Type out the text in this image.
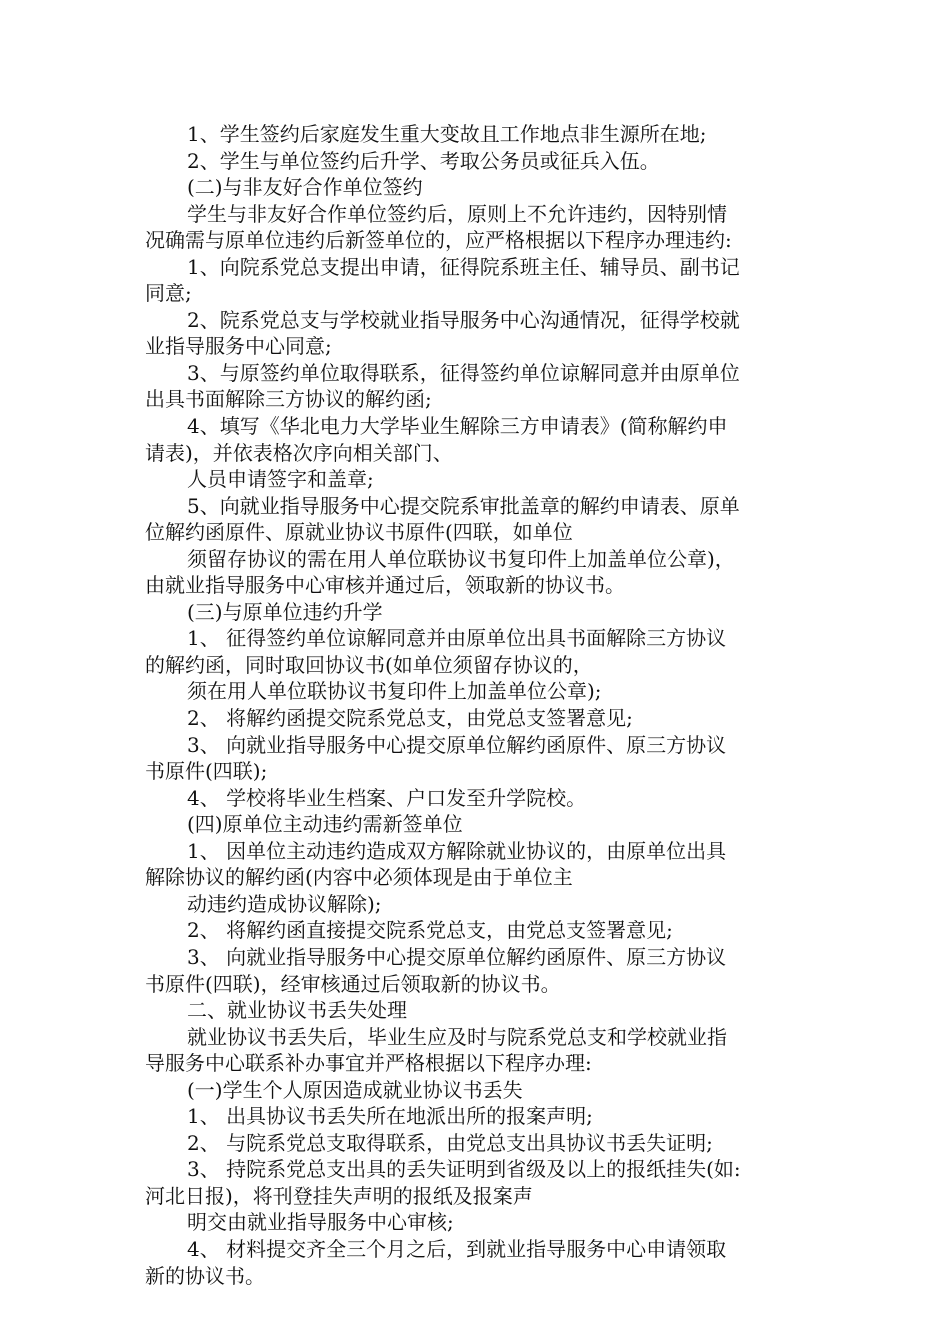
1、学生签约后家庭发生重大变故且工作地点非生源所在地;
2、学生与单位签约后升学、考取公务员或征兵入伍。
(二)与非友好合作单位签约
学生与非友好合作单位签约后，原则上不允许违约，因特别情
况确需与原单位违约后新签单位的，应严格根据以下程序办理违约:
1、向院系党总支提出申请，征得院系班主任、辅导员、副书记
同意;
2、院系党总支与学校就业指导服务中心沟通情况，征得学校就
业指导服务中心同意;
3、与原签约单位取得联系，征得签约单位谅解同意并由原单位
出具书面解除三方协议的解约函;
4、填写《华北电力大学毕业生解除三方申请表》(简称解约申
请表)，并依表格次序向相关部门、
人员申请签字和盖章;
5、向就业指导服务中心提交院系审批盖章的解约申请表、原单
位解约函原件、原就业协议书原件(四联，如单位
须留存协议的需在用人单位联协议书复印件上加盖单位公章)，
由就业指导服务中心审核并通过后，领取新的协议书。
(三)与原单位违约升学
1、 征得签约单位谅解同意并由原单位出具书面解除三方协议
的解约函，同时取回协议书(如单位须留存协议的，
须在用人单位联协议书复印件上加盖单位公章);
2、 将解约函提交院系党总支，由党总支签署意见;
3、 向就业指导服务中心提交原单位解约函原件、原三方协议
书原件(四联);
4、 学校将毕业生档案、户口发至升学院校。
(四)原单位主动违约需新签单位
1、 因单位主动违约造成双方解除就业协议的，由原单位出具
解除协议的解约函(内容中必须体现是由于单位主
动违约造成协议解除);
2、 将解约函直接提交院系党总支，由党总支签署意见;
3、 向就业指导服务中心提交原单位解约函原件、原三方协议
书原件(四联)，经审核通过后领取新的协议书。
二、就业协议书丢失处理
就业协议书丢失后，毕业生应及时与院系党总支和学校就业指
导服务中心联系补办事宜并严格根据以下程序办理:
(一)学生个人原因造成就业协议书丢失
1、 出具协议书丢失所在地派出所的报案声明;
2、 与院系党总支取得联系，由党总支出具协议书丢失证明;
3、 持院系党总支出具的丢失证明到省级及以上的报纸挂失(如:
河北日报)，将刊登挂失声明的报纸及报案声
明交由就业指导服务中心审核;
4、 材料提交齐全三个月之后，到就业指导服务中心申请领取
新的协议书。
